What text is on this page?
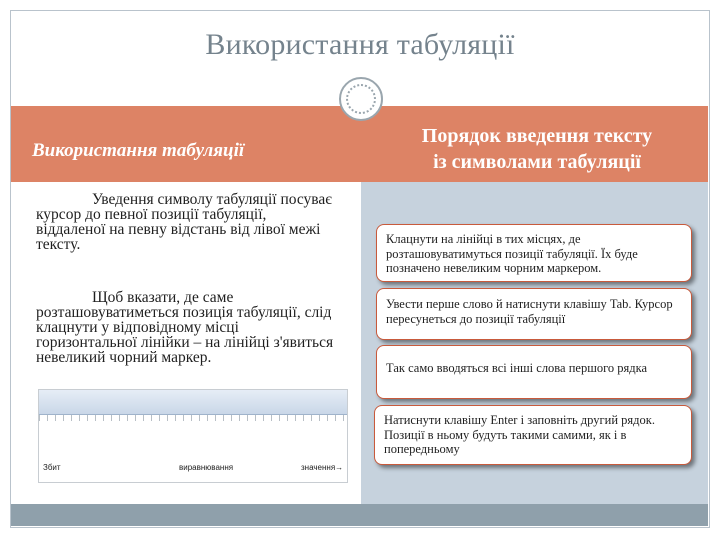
Використання табуляції
Використання табуляції
Порядок введення тексту
із символами табуляції
Уведення символу табуляції посуває курсор до певної позиції табуляції, віддаленої на певну відстань від лівої межі тексту.
Щоб вказати, де саме розташовуватиметься позиція табуляції, слід клацнути у відповідному місці горизонтальної лінійки – на лінійці з'явиться невеликий чорний маркер.
Збит	виравнювання	значення→
Клацнути на лінійці в тих місцях, де розташовуватимуться позиції табуляції. Їх буде позначено невеликим чорним маркером.
Увести перше слово й натиснути клавішу Tab. Курсор пересунеться до позиції табуляції
Так само вводяться всі інші слова першого рядка
Натиснути клавішу Enter і заповніть другий рядок. Позиції в ньому будуть такими самими, як і в попередньому
